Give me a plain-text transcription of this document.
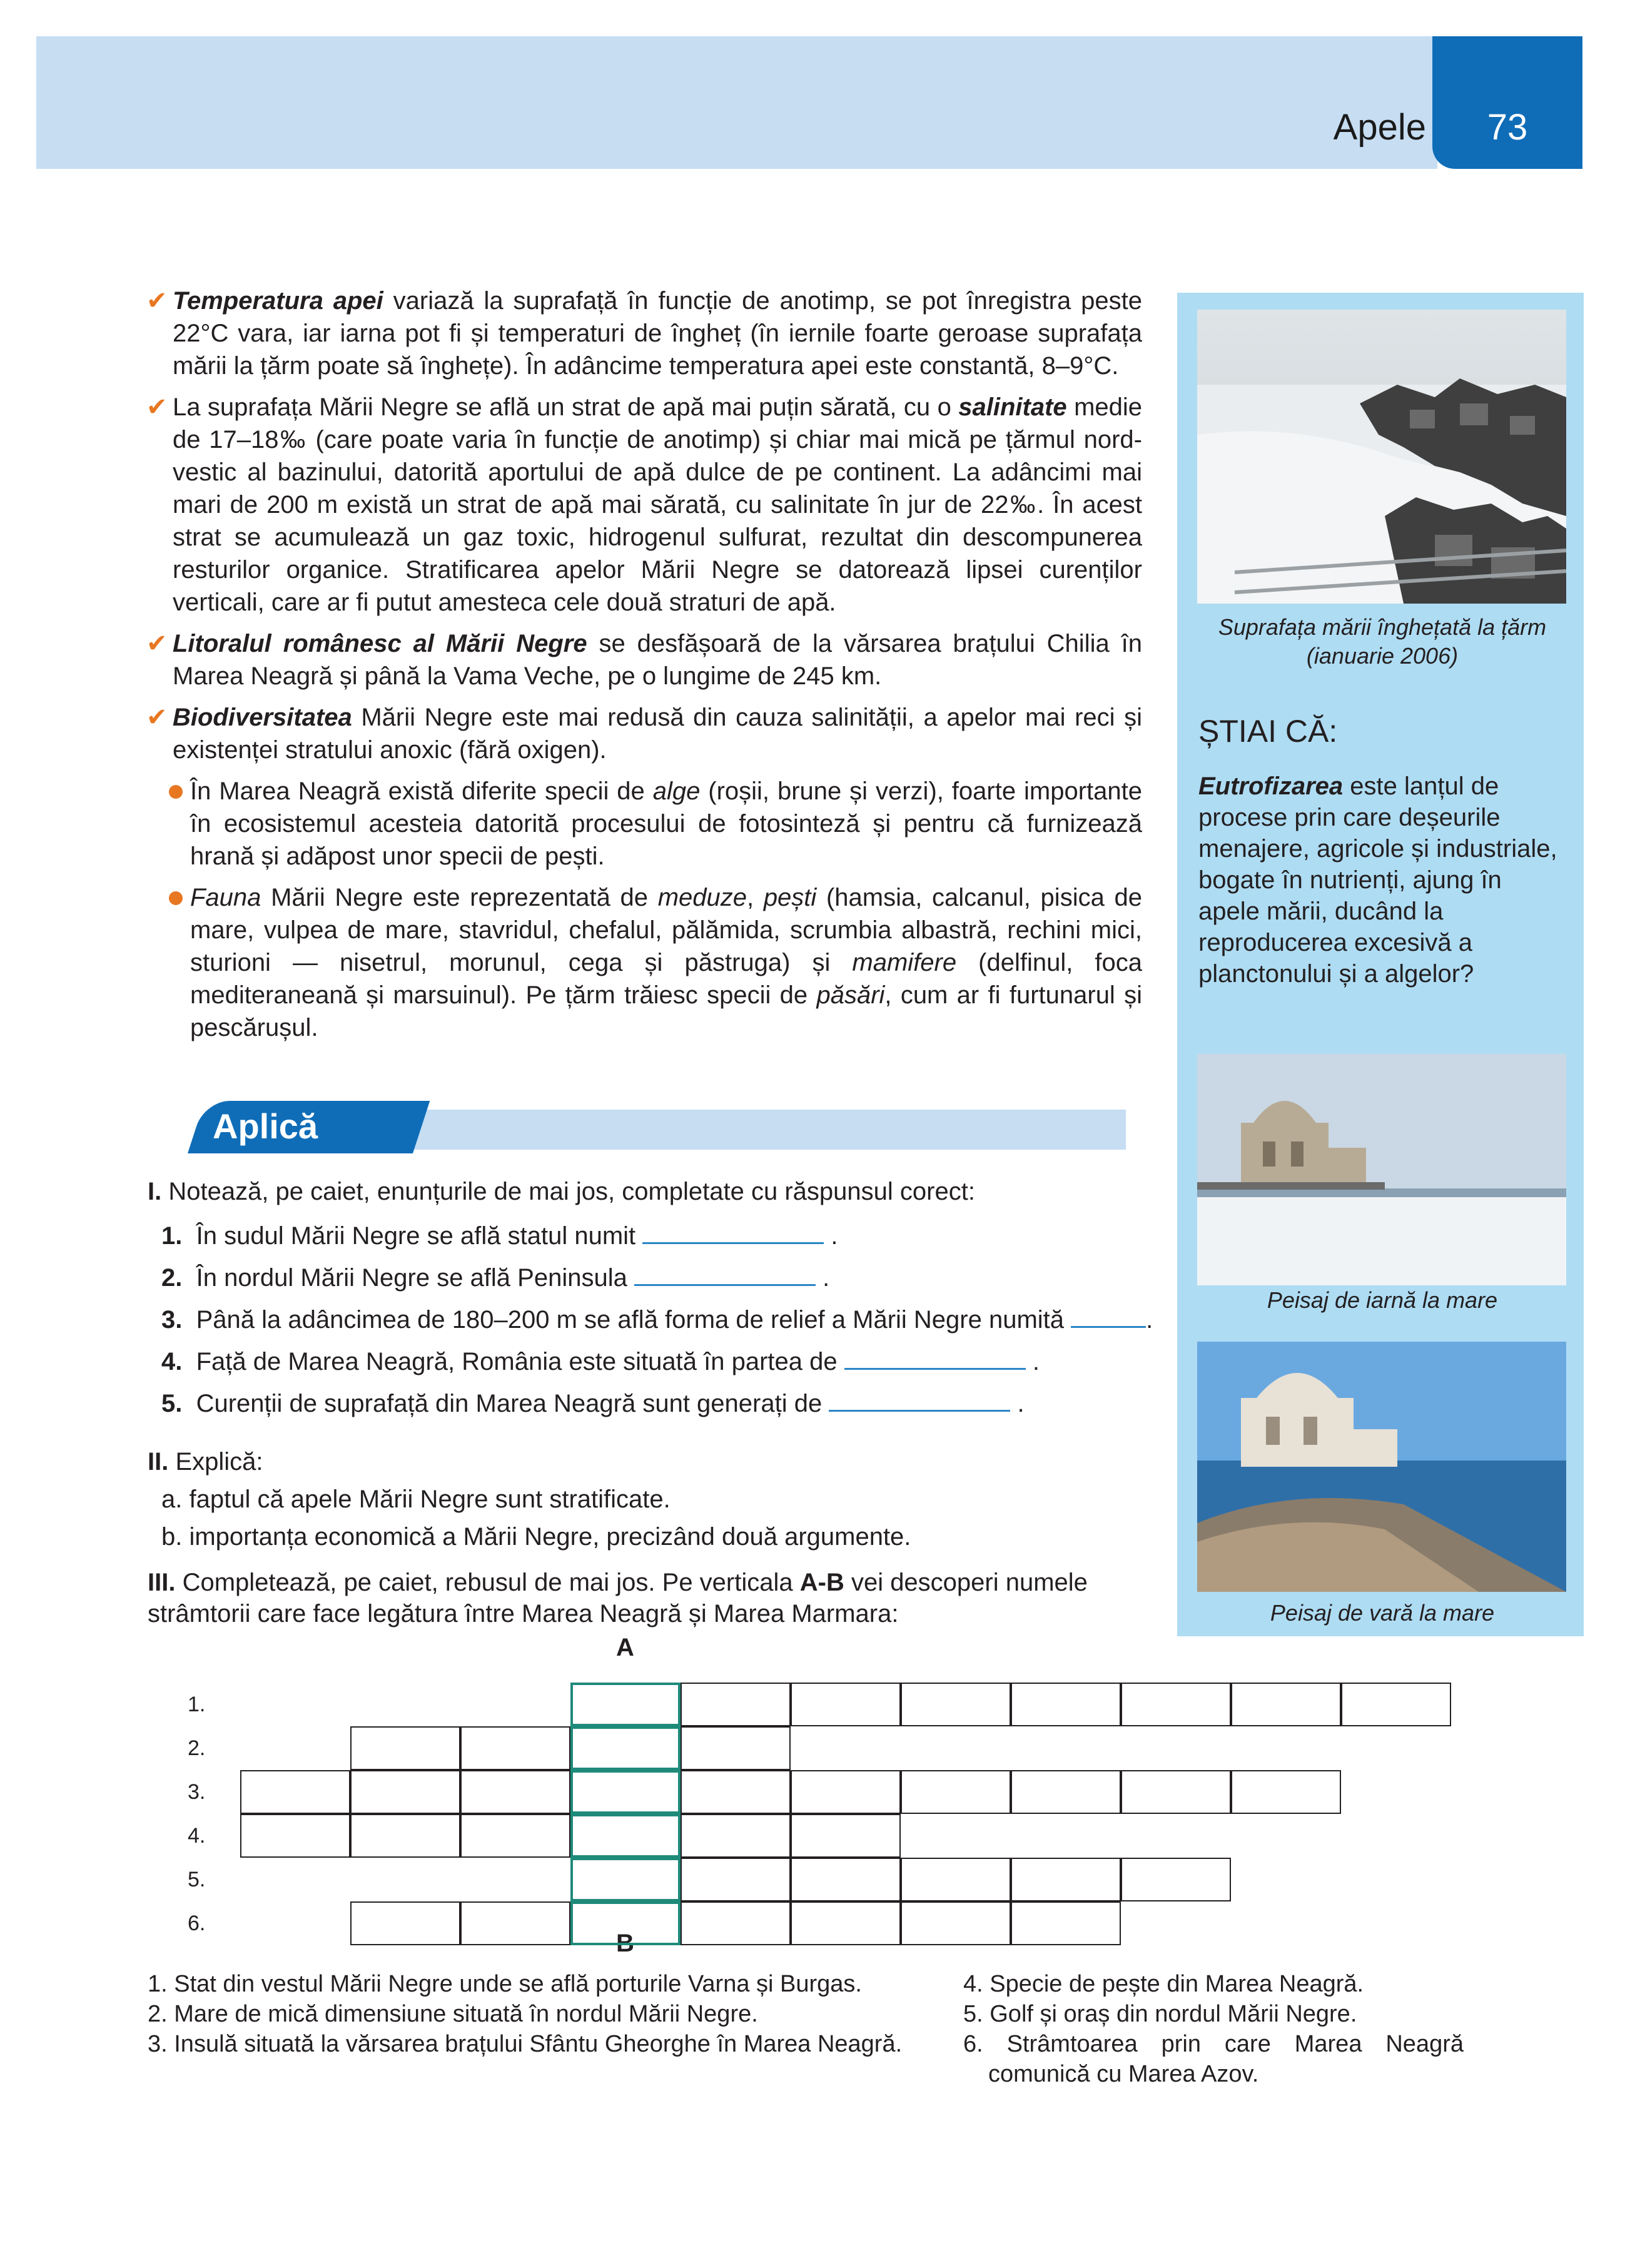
Apele	73
✔ Temperatura apei variază la suprafață în funcție de anotimp, se pot înregistra peste 22°C vara, iar iarna pot fi și temperaturi de îngheț (în iernile foarte geroase suprafața mării la țărm poate să înghețe). În adâncime temperatura apei este constantă, 8–9°C.
✔ La suprafața Mării Negre se află un strat de apă mai puțin sărată, cu o salinitate medie de 17–18‰ (care poate varia în funcție de anotimp) și chiar mai mică pe țărmul nord-vestic al bazinului, datorită aportului de apă dulce de pe continent. La adâncimi mai mari de 200 m există un strat de apă mai sărată, cu salinitate în jur de 22‰. În acest strat se acumulează un gaz toxic, hidrogenul sulfurat, rezultat din descompunerea resturilor organice. Stratificarea apelor Mării Negre se datorează lipsei curenților verticali, care ar fi putut amesteca cele două straturi de apă.
✔ Litoralul românesc al Mării Negre se desfășoară de la vărsarea brațului Chilia în Marea Neagră și până la Vama Veche, pe o lungime de 245 km.
✔ Biodiversitatea Mării Negre este mai redusă din cauza salinității, a apelor mai reci și existenței stratului anoxic (fără oxigen).
În Marea Neagră există diferite specii de alge (roșii, brune și verzi), foarte importante în ecosistemul acesteia datorită procesului de fotosinteză și pentru că furnizează hrană și adăpost unor specii de pești.
Fauna Mării Negre este reprezentată de meduze, pești (hamsia, calcanul, pisica de mare, vulpea de mare, stavridul, chefalul, pălămida, scrumbia albastră, rechini mici, sturioni — nisetrul, morunul, cega și păstruga) și mamifere (delfinul, foca mediteraneană și marsuinul). Pe țărm trăiesc specii de păsări, cum ar fi furtunarul și pescărușul.
Suprafața mării înghețată la țărm (ianuarie 2006)
ȘTIAI CĂ:
Eutrofizarea este lanțul de procese prin care deșeurile menajere, agricole și industriale, bogate în nutrienți, ajung în apele mării, ducând la reproducerea excesivă a planctonului și a algelor?
Peisaj de iarnă la mare
Peisaj de vară la mare
Aplică
I. Notează, pe caiet, enunțurile de mai jos, completate cu răspunsul corect:
1. În sudul Mării Negre se află statul numit	.
2. În nordul Mării Negre se află Peninsula	.
3. Până la adâncimea de 180–200 m se află forma de relief a Mării Negre numită	.
4. Față de Marea Neagră, România este situată în partea de	.
5. Curenții de suprafață din Marea Neagră sunt generați de	.
II. Explică:
a. faptul că apele Mării Negre sunt stratificate.
b. importanța economică a Mării Negre, precizând două argumente.
III. Completează, pe caiet, rebusul de mai jos. Pe verticala A-B vei descoperi numele strâmtorii care face legătura între Marea Neagră și Marea Marmara:
A
B
1.
2.
3.
4.
5.
6.
1. Stat din vestul Mării Negre unde se află porturile Varna și Burgas.
2. Mare de mică dimensiune situată în nordul Mării Negre.
3. Insulă situată la vărsarea brațului Sfântu Gheorghe în Marea Neagră.
4. Specie de pește din Marea Neagră.
5. Golf și oraș din nordul Mării Negre.
6. Strâmtoarea prin care Marea Neagră comunică cu Marea Azov.
